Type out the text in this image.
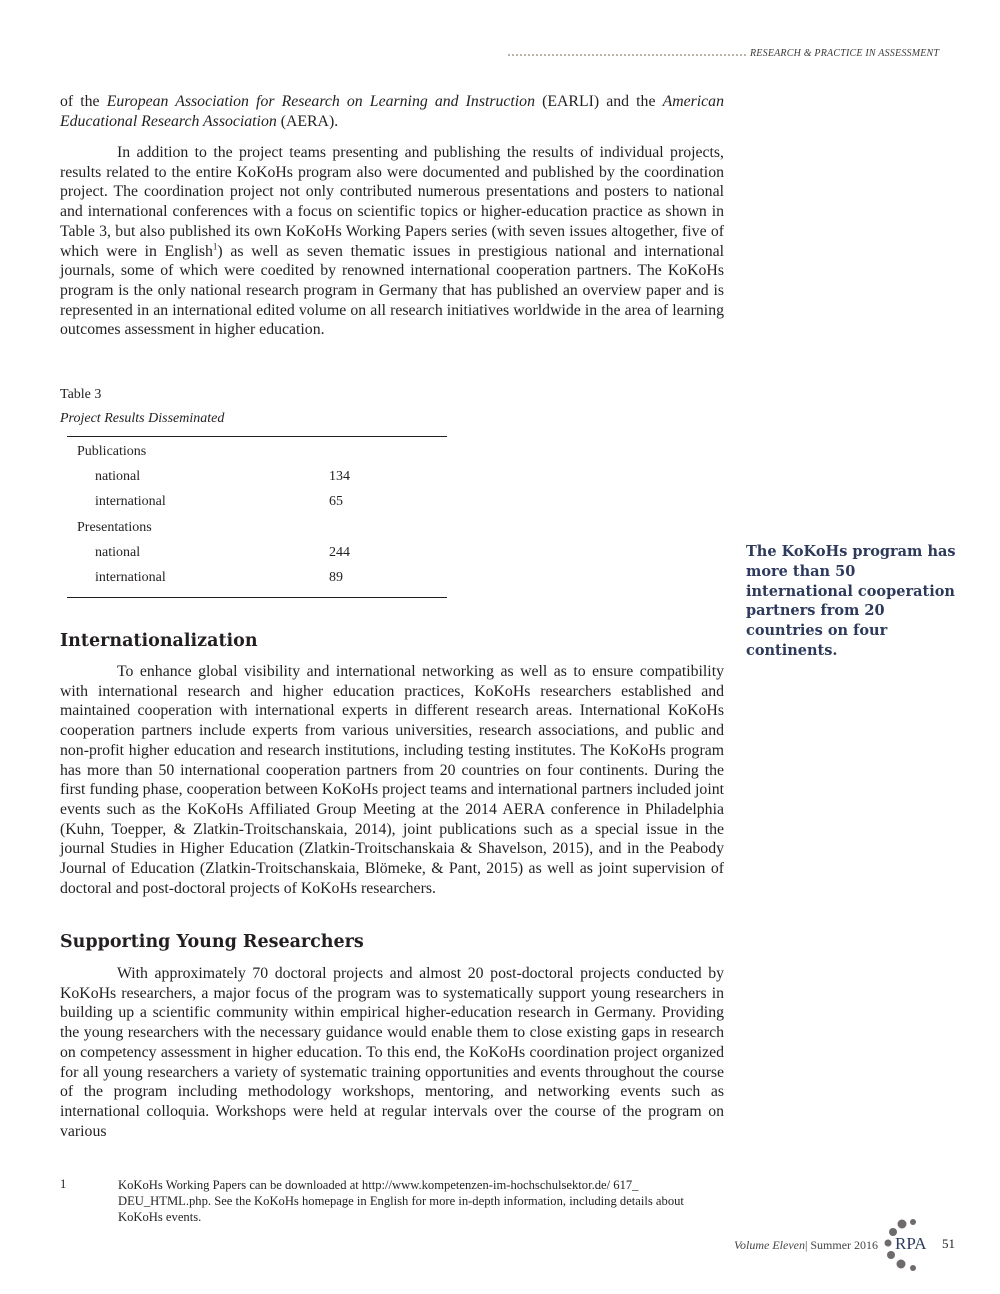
RESEARCH & PRACTICE IN ASSESSMENT

of the European Association for Research on Learning and Instruction (EARLI) and the American Educational Research Association (AERA).

In addition to the project teams presenting and publishing the results of individual projects, results related to the entire KoKoHs program also were documented and published by the coordination project. The coordination project not only contributed numerous presentations and posters to national and international conferences with a focus on scientific topics or higher-education practice as shown in Table 3, but also published its own KoKoHs Working Papers series (with seven issues altogether, five of which were in English$^1$) as well as seven thematic issues in prestigious national and international journals, some of which were coedited by renowned international cooperation partners. The KoKoHs program is the only national research program in Germany that has published an overview paper and is represented in an international edited volume on all research initiatives worldwide in the area of learning outcomes assessment in higher education.

Table 3

Project Results Disseminated

Publications	
national	134
international	65
Presentations	
national	244
international	89

The KoKoHs program has more than 50 international cooperation partners from 20 countries on four continents.

Internationalization

To enhance global visibility and international networking as well as to ensure compatibility with international research and higher education practices, KoKoHs researchers established and maintained cooperation with international experts in different research areas. International KoKoHs cooperation partners include experts from various universities, research associations, and public and non-profit higher education and research institutions, including testing institutes. The KoKoHs program has more than 50 international cooperation partners from 20 countries on four continents. During the first funding phase, cooperation between KoKoHs project teams and international partners included joint events such as the KoKoHs Affiliated Group Meeting at the 2014 AERA conference in Philadelphia (Kuhn, Toepper, & Zlatkin-Troitschanskaia, 2014), joint publications such as a special issue in the journal Studies in Higher Education (Zlatkin-Troitschanskaia & Shavelson, 2015), and in the Peabody Journal of Education (Zlatkin-Troitschanskaia, Blömeke, & Pant, 2015) as well as joint supervision of doctoral and post-doctoral projects of KoKoHs researchers.

Supporting Young Researchers

With approximately 70 doctoral projects and almost 20 post-doctoral projects conducted by KoKoHs researchers, a major focus of the program was to systematically support young researchers in building up a scientific community within empirical higher-education research in Germany. Providing the young researchers with the necessary guidance would enable them to close existing gaps in research on competency assessment in higher education. To this end, the KoKoHs coordination project organized for all young researchers a variety of systematic training opportunities and events throughout the course of the program including methodology workshops, mentoring, and networking events such as international colloquia. Workshops were held at regular intervals over the course of the program on various

1	KoKoHs Working Papers can be downloaded at http://www.kompetenzen-im-hochschulsektor.de/ 617_ DEU_HTML.php. See the KoKoHs homepage in English for more in-depth information, including details about KoKoHs events.

Volume Eleven| Summer 2016 RPA 51
